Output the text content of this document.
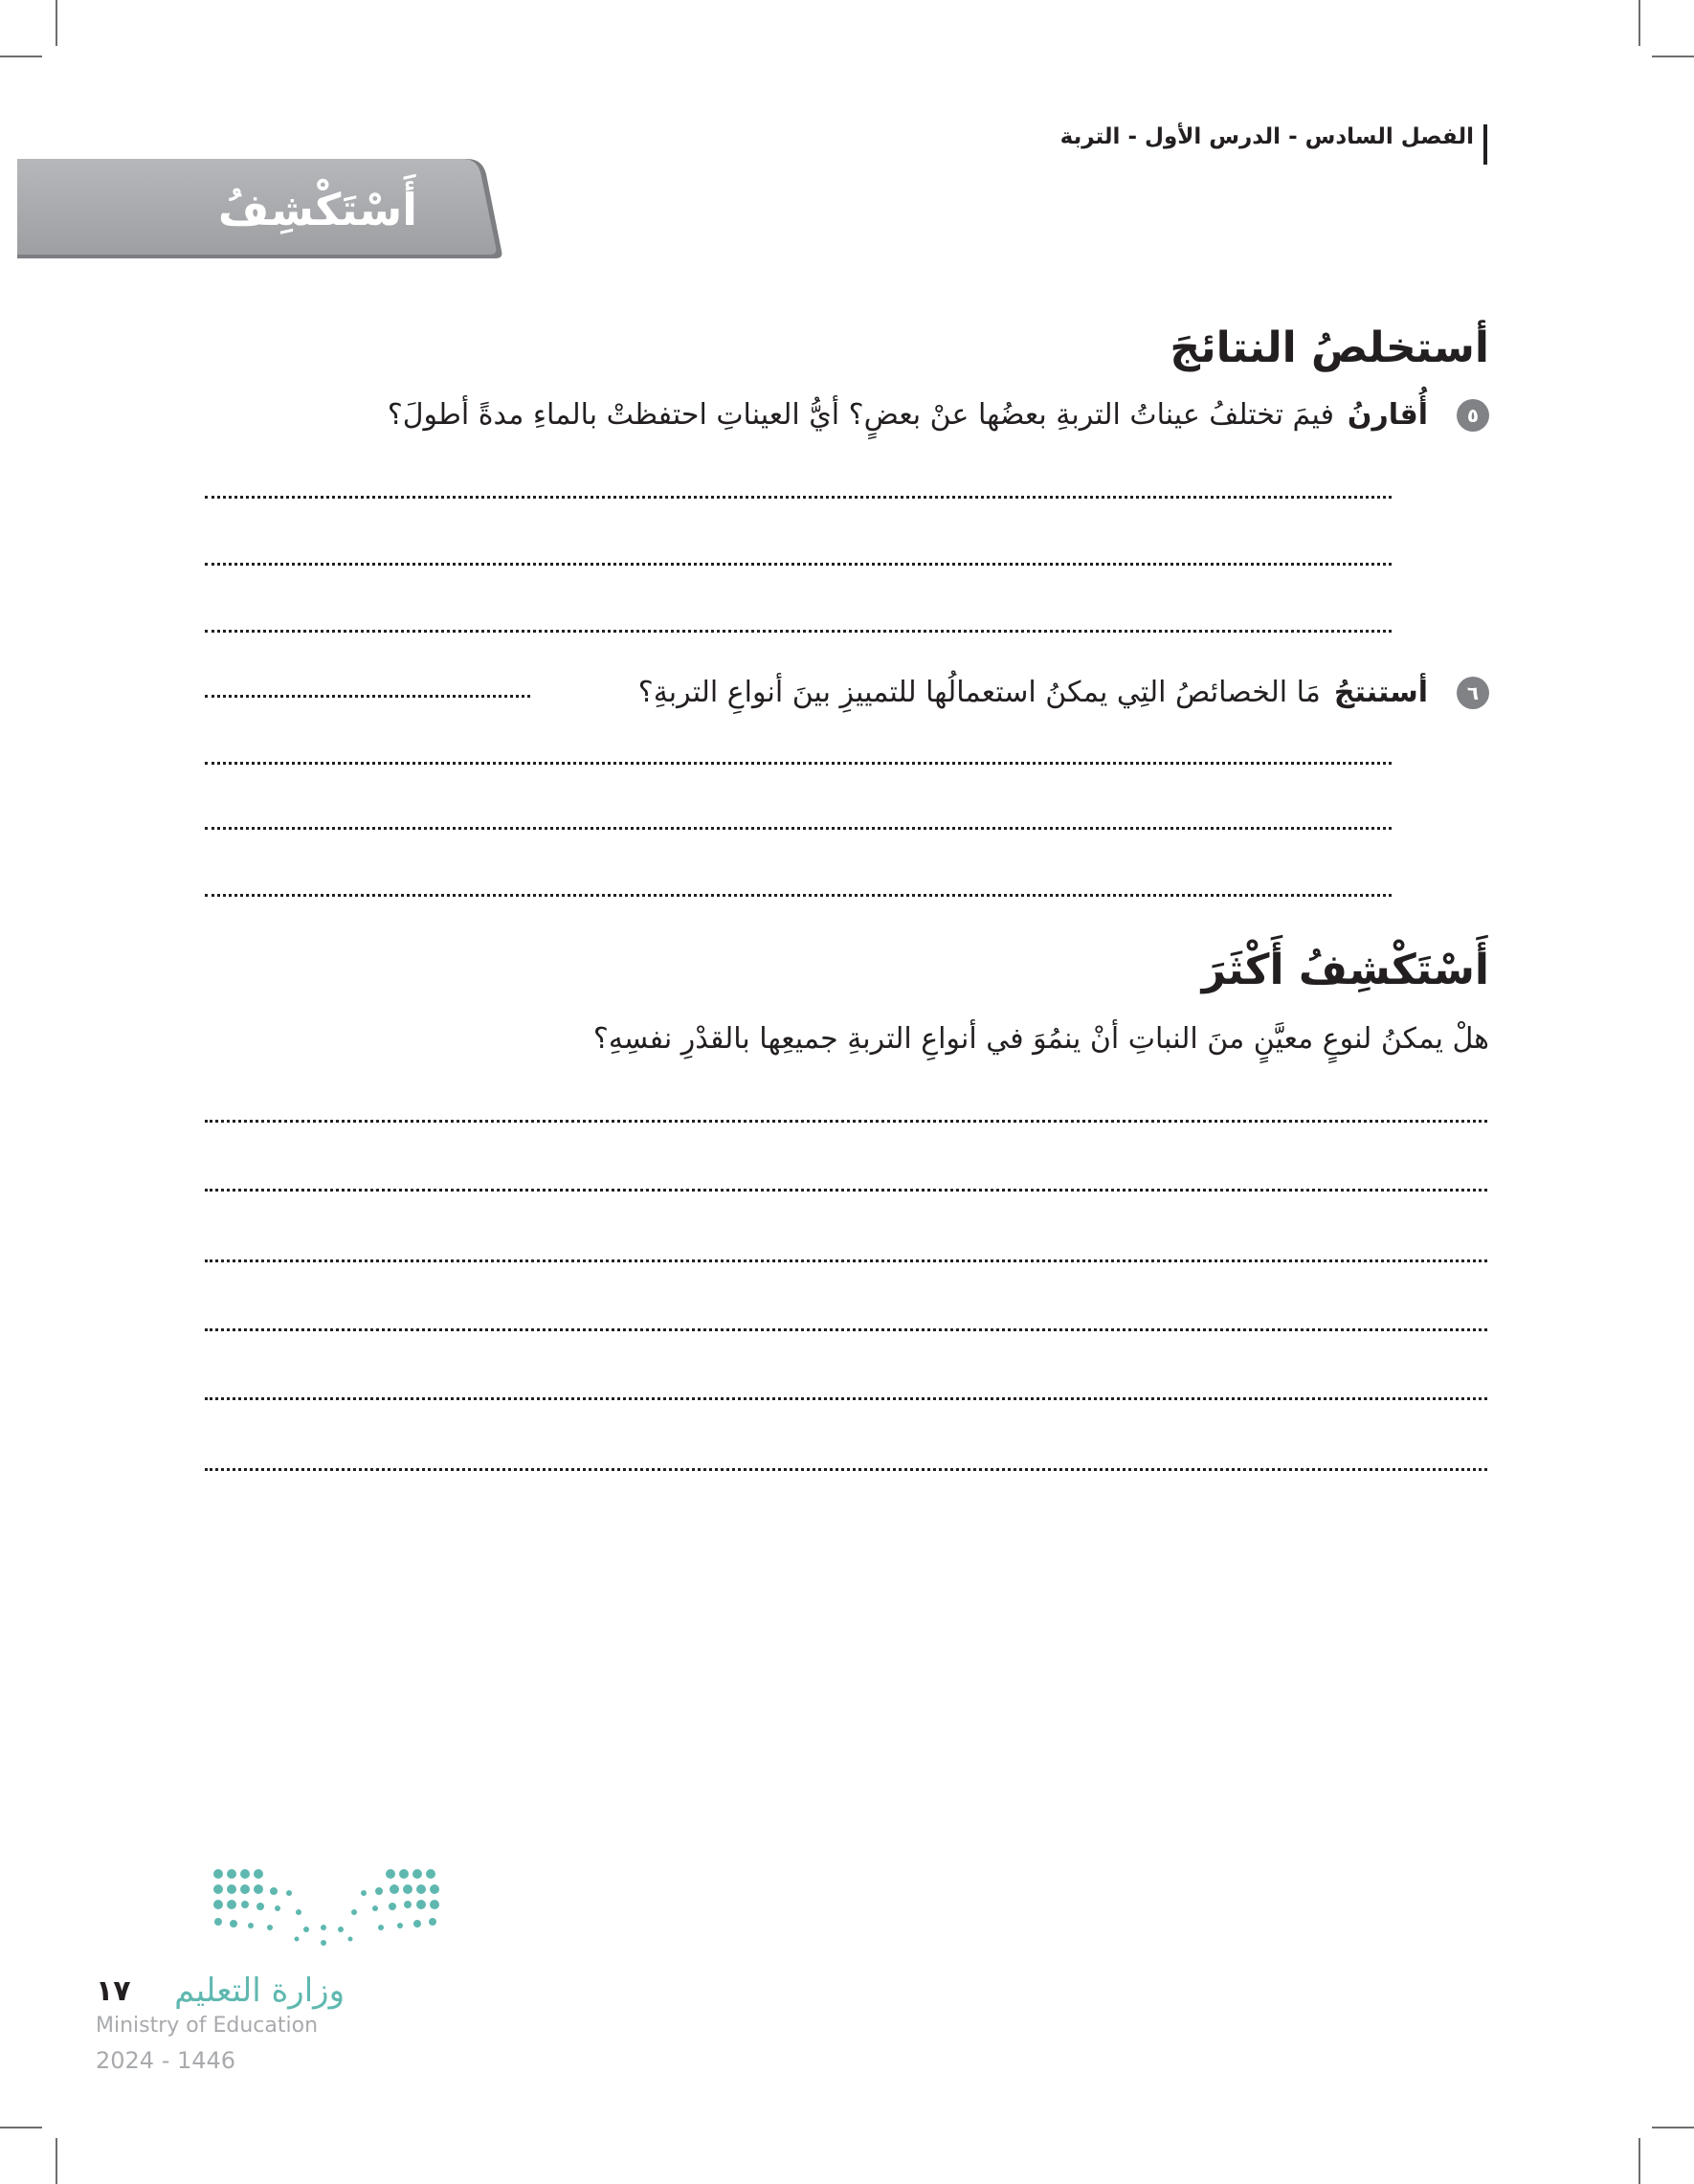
الفصل السادس - الدرس الأول - التربة
أَسْتَكْشِفُ
أستخلصُ النتائجَ
٥
أُقارنُ
فيمَ تختلفُ عيناتُ التربةِ بعضُها عنْ بعضٍ؟ أيُّ العيناتِ احتفظتْ بالماءِ مدةً أطولَ؟
٦
أستنتجُ
مَا الخصائصُ التِي يمكنُ استعمالُها للتمييزِ بينَ أنواعِ التربةِ؟
أَسْتَكْشِفُ أَكْثَرَ
هلْ يمكنُ لنوعٍ معيَّنٍ منَ النباتِ أنْ ينمُوَ في أنواعِ التربةِ جميعِها بالقدْرِ نفسِهِ؟
وزارة التعليم
١٧
Ministry of Education
2024 - 1446
